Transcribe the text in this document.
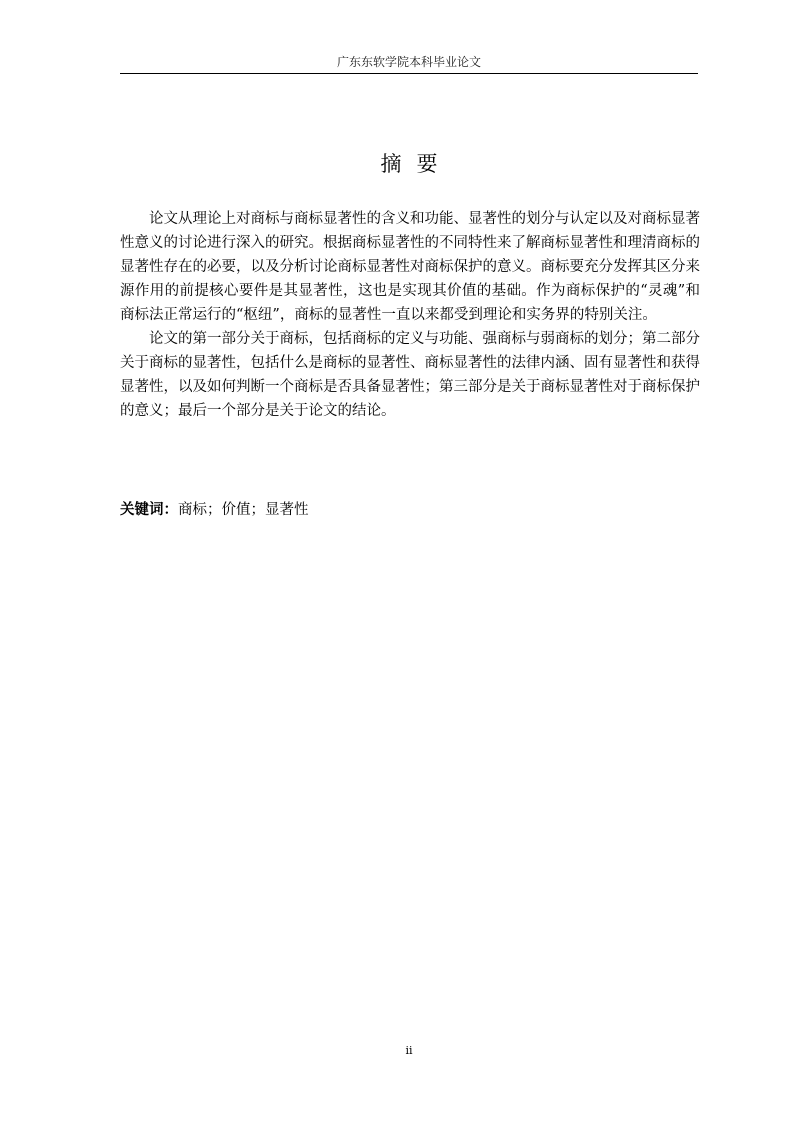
广东东软学院本科毕业论文
摘要

论文从理论上对商标与商标显著性的含义和功能、显著性的划分与认定以及对商标显著性意义的讨论进行深入的研究。根据商标显著性的不同特性来了解商标显著性和理清商标的显著性存在的必要，以及分析讨论商标显著性对商标保护的意义。商标要充分发挥其区分来源作用的前提核心要件是其显著性，这也是实现其价值的基础。作为商标保护的“灵魂”和商标法正常运行的“枢纽”，商标的显著性一直以来都受到理论和实务界的特别关注。

论文的第一部分关于商标，包括商标的定义与功能、强商标与弱商标的划分；第二部分关于商标的显著性，包括什么是商标的显著性、商标显著性的法律内涵、固有显著性和获得显著性，以及如何判断一个商标是否具备显著性；第三部分是关于商标显著性对于商标保护的意义；最后一个部分是关于论文的结论。

关键词：商标；价值；显著性
ii
